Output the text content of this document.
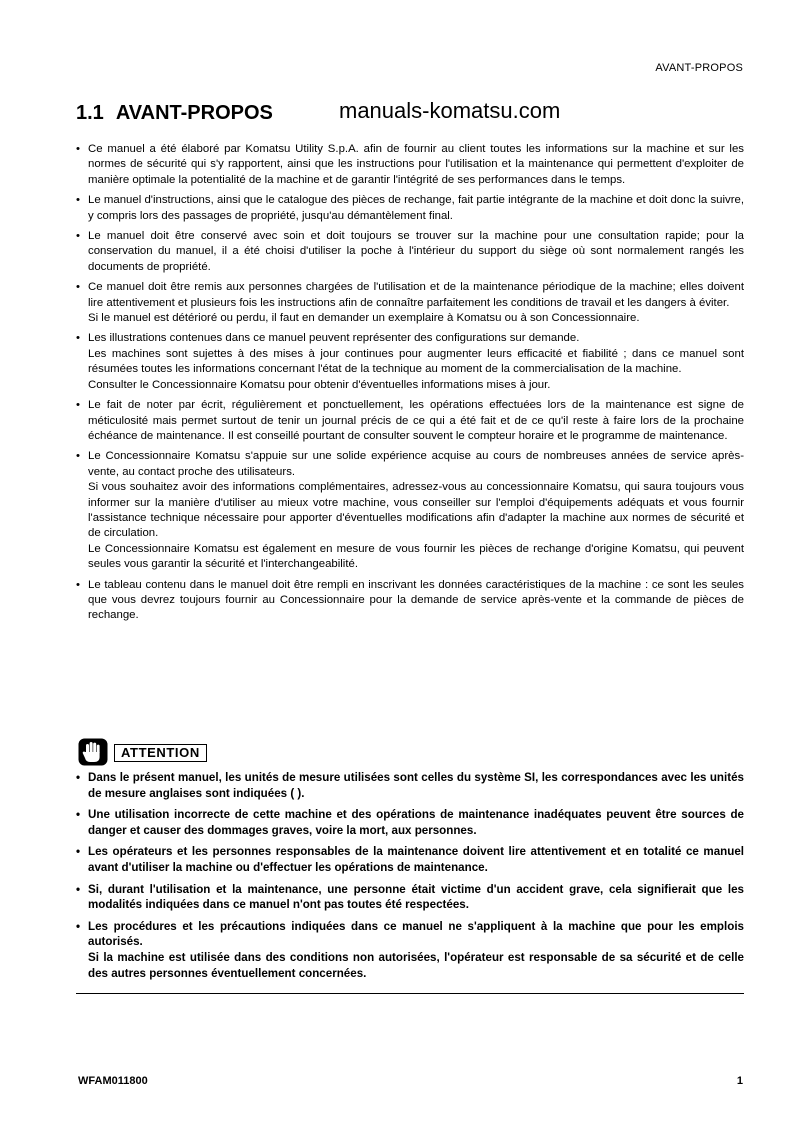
AVANT-PROPOS
1.1 AVANT-PROPOS	manuals-komatsu.com
• Ce manuel a été élaboré par Komatsu Utility S.p.A. afin de fournir au client toutes les informations sur la machine et sur les normes de sécurité qui s'y rapportent, ainsi que les instructions pour l'utilisation et la maintenance qui permettent d'exploiter de manière optimale la potentialité de la machine et de garantir l'intégrité de ses performances dans le temps.
• Le manuel d'instructions, ainsi que le catalogue des pièces de rechange, fait partie intégrante de la machine et doit donc la suivre, y compris lors des passages de propriété, jusqu'au démantèlement final.
• Le manuel doit être conservé avec soin et doit toujours se trouver sur la machine pour une consultation rapide; pour la conservation du manuel, il a été choisi d'utiliser la poche à l'intérieur du support du siège où sont normalement rangés les documents de propriété.
• Ce manuel doit être remis aux personnes chargées de l'utilisation et de la maintenance périodique de la machine; elles doivent lire attentivement et plusieurs fois les instructions afin de connaître parfaitement les conditions de travail et les dangers à éviter.
Si le manuel est détérioré ou perdu, il faut en demander un exemplaire à Komatsu ou à son Concessionnaire.
• Les illustrations contenues dans ce manuel peuvent représenter des configurations sur demande.
Les machines sont sujettes à des mises à jour continues pour augmenter leurs efficacité et fiabilité ; dans ce manuel sont résumées toutes les informations concernant l'état de la technique au moment de la commercialisation de la machine.
Consulter le Concessionnaire Komatsu pour obtenir d'éventuelles informations mises à jour.
• Le fait de noter par écrit, régulièrement et ponctuellement, les opérations effectuées lors de la maintenance est signe de méticulosité mais permet surtout de tenir un journal précis de ce qui a été fait et de ce qu'il reste à faire lors de la prochaine échéance de maintenance. Il est conseillé pourtant de consulter souvent le compteur horaire et le programme de maintenance.
• Le Concessionnaire Komatsu s'appuie sur une solide expérience acquise au cours de nombreuses années de service après-vente, au contact proche des utilisateurs.
Si vous souhaitez avoir des informations complémentaires, adressez-vous au concessionnaire Komatsu, qui saura toujours vous informer sur la manière d'utiliser au mieux votre machine, vous conseiller sur l'emploi d'équipements adéquats et vous fournir l'assistance technique nécessaire pour apporter d'éventuelles modifications afin d'adapter la machine aux normes de sécurité et de circulation.
Le Concessionnaire Komatsu est également en mesure de vous fournir les pièces de rechange d'origine Komatsu, qui peuvent seules vous garantir la sécurité et l'interchangeabilité.
• Le tableau contenu dans le manuel doit être rempli en inscrivant les données caractéristiques de la machine : ce sont les seules que vous devrez toujours fournir au Concessionnaire pour la demande de service après-vente et la commande de pièces de rechange.
ATTENTION
• Dans le présent manuel, les unités de mesure utilisées sont celles du système SI, les correspondances avec les unités de mesure anglaises sont indiquées ( ).
• Une utilisation incorrecte de cette machine et des opérations de maintenance inadéquates peuvent être sources de danger et causer des dommages graves, voire la mort, aux personnes.
• Les opérateurs et les personnes responsables de la maintenance doivent lire attentivement et en totalité ce manuel avant d'utiliser la machine ou d'effectuer les opérations de maintenance.
• Si, durant l'utilisation et la maintenance, une personne était victime d'un accident grave, cela signifierait que les modalités indiquées dans ce manuel n'ont pas toutes été respectées.
• Les procédures et les précautions indiquées dans ce manuel ne s'appliquent à la machine que pour les emplois autorisés.
Si la machine est utilisée dans des conditions non autorisées, l'opérateur est responsable de sa sécurité et de celle des autres personnes éventuellement concernées.
WFAM011800	1
